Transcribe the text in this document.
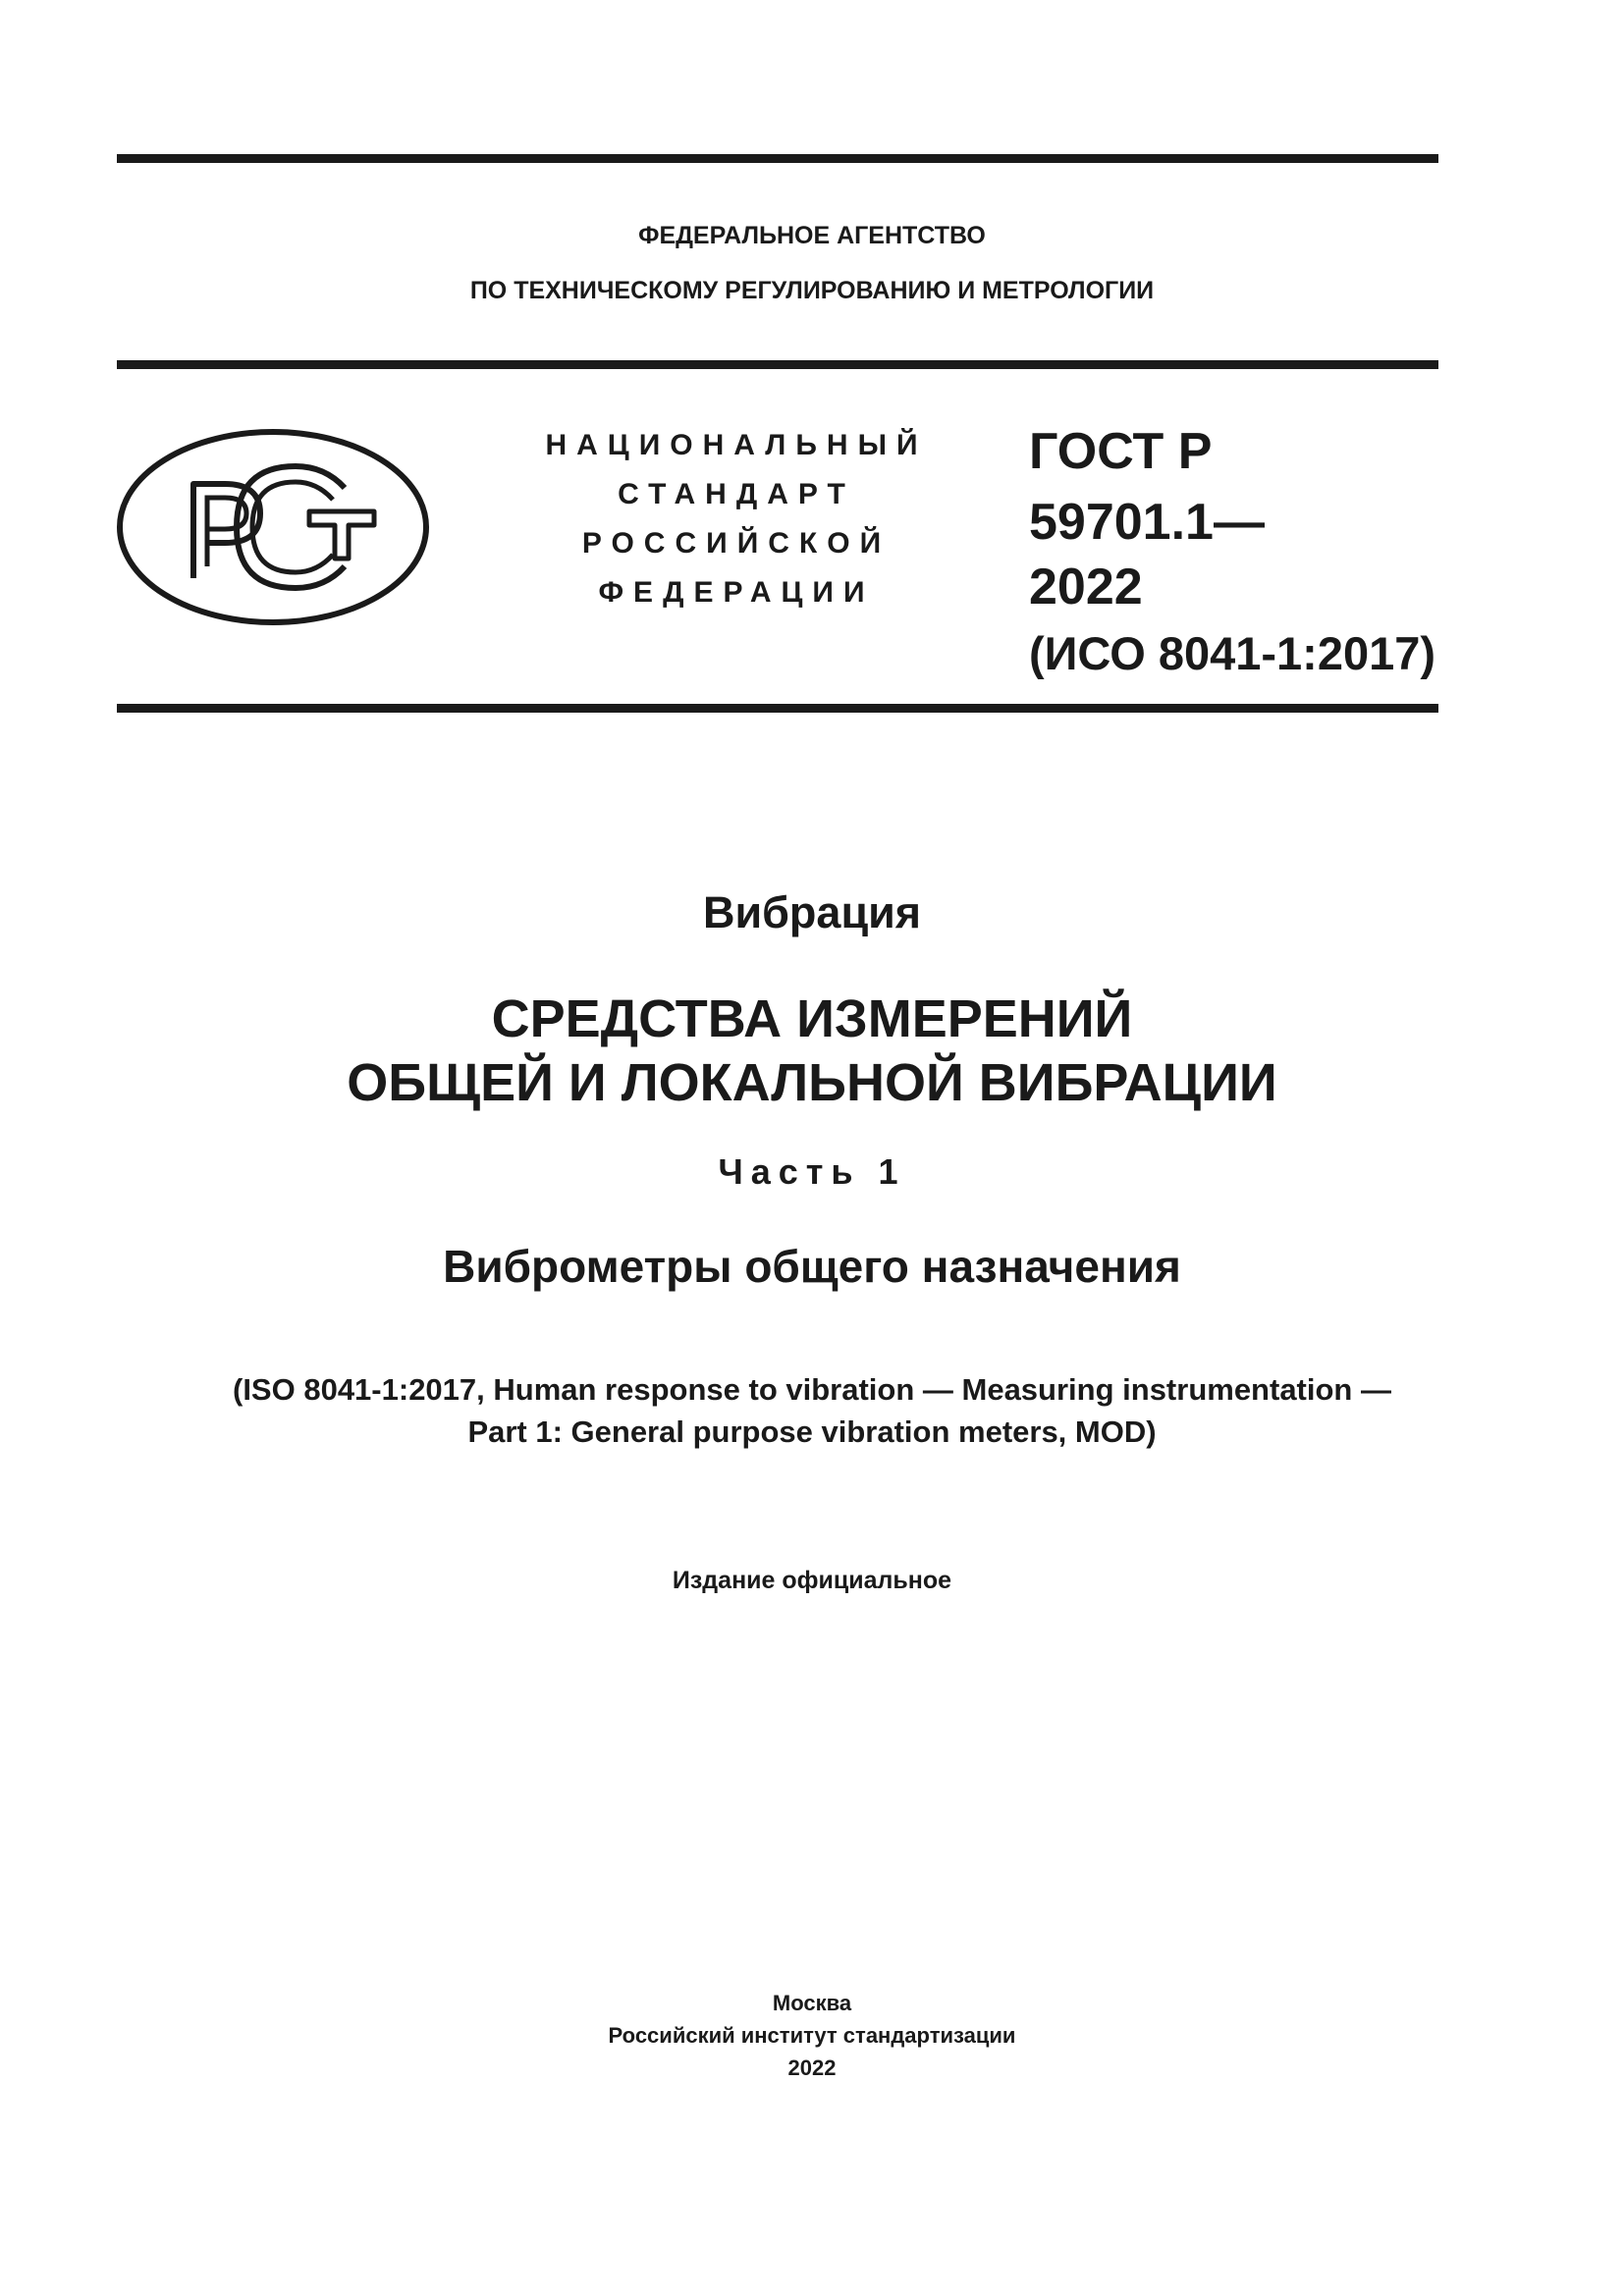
ФЕДЕРАЛЬНОЕ АГЕНТСТВО
ПО ТЕХНИЧЕСКОМУ РЕГУЛИРОВАНИЮ И МЕТРОЛОГИИ
НАЦИОНАЛЬНЫЙ
СТАНДАРТ
РОССИЙСКОЙ
ФЕДЕРАЦИИ
ГОСТ Р
59701.1—
2022
(ИСО 8041-1:2017)
Вибрация
СРЕДСТВА ИЗМЕРЕНИЙ
ОБЩЕЙ И ЛОКАЛЬНОЙ ВИБРАЦИИ
Часть 1
Виброметры общего назначения
(ISO 8041-1:2017, Human response to vibration — Measuring instrumentation —
Part 1: General purpose vibration meters, MOD)
Издание официальное
Москва
Российский институт стандартизации
2022
